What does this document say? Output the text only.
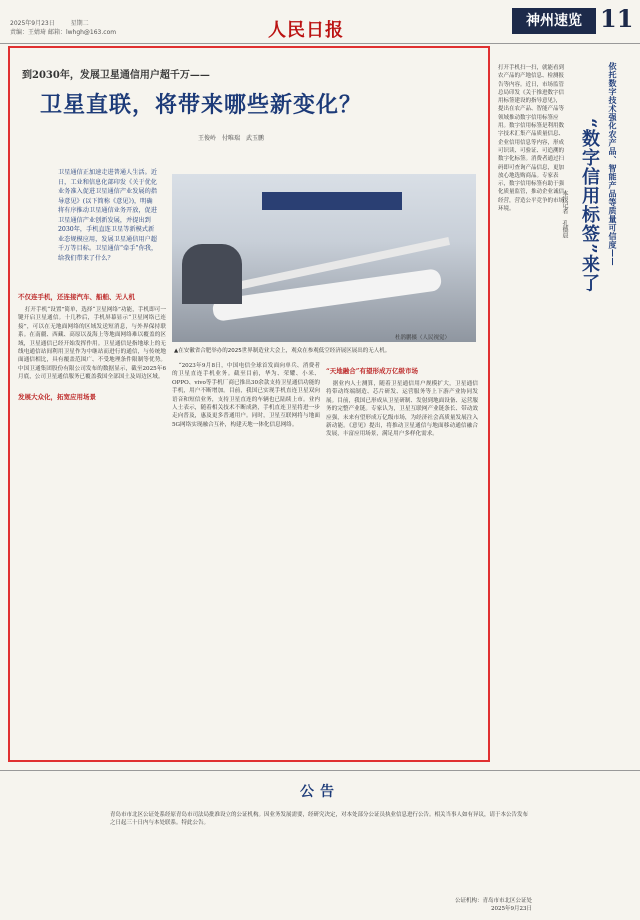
2025年9月23日	星期二
责编：王婧琦 邮箱：lwhgh@163.com	人民日报	神州速览 11
到2030年，发展卫星通信用户超千万——
卫星直联，将带来哪些新变化？
王俊岭　付唯瑞　武玉鹏
卫星通信正加速走进普通人生活。近日，工业和信息化部印发《关于优化业务准入促进卫星通信产业发展的指导意见》(以下简称《意见》)，明确将有序推动卫星通信业务开放，促进卫星通信产业创新发展，并提出到2030年，手机直连卫星等新模式新业态规模应用，发展卫星通信用户超千万等目标。卫星通信“牵手”你我，给我们带来了什么？
杜鹃鹏摄（人民视觉）
▲在安徽省合肥举办的2025世界制造业大会上，观众在参观低空经济展区展出的无人机。
不仅连手机，还连接汽车、船舶、无人机

打开手机“设置”简单，选择“卫星网络”功能，手机即可一键开启卫星通信。十几秒后，手机屏幕显示“卫星网络已连接”，可以在无地面网络的区域发送短消息，与外界保持联系。在南疆、西藏、高原以及海上等地面网络难以覆盖的区域，卫星通信已经开始发挥作用。卫星通信是指地球上的无线电通信站间利用卫星作为中继站而进行的通信，与传统地面通信相比，具有覆盖范围广、不受地理条件限制等优势。中国卫通集团股份有限公司发布的数据显示，截至2025年6月底，公司卫星通信服务已覆盖我国全部国土及周边区域。

发展大众化，拓宽应用场景

“2023年9月8日，中国电信全球首发面向单兵、消费者的卫星直连手机业务。截至目前，华为、荣耀、小米、OPPO、vivo等手机厂商已推出30余款支持卫星通信功能的手机，用户不断增加。目前，我国已实现手机直连卫星双向语音和短信业务，支持卫星直连的车辆也已陆续上市。业内人士表示，随着相关技术不断成熟，手机直连卫星将进一步走向普及，惠及更多普通用户。同时，卫星互联网将与地面5G网络实现融合互补，构建天地一体化信息网络。

“天地融合”有望形成万亿级市场

据业内人士测算，随着卫星通信用户规模扩大，卫星通信将带动终端制造、芯片研发、运营服务等上下游产业协同发展。目前，我国已形成从卫星研制、发射到地面设备、运营服务的完整产业链。专家认为，卫星互联网产业链条长、带动效应强，未来有望形成万亿级市场，为经济社会高质量发展注入新动能。《意见》提出，将推动卫星通信与地面移动通信融合发展，丰富应用场景，满足用户多样化需求。

打开手机扫一扫，就能看到农产品的产地信息、检测报告等内容。近日，市场监管总局印发《关于推进数字信用标签建设的指导意见》，提出在农产品、智能产品等领域推动数字信用标签应用。数字信用标签是利用数字技术汇集产品质量信息、企业信用信息等内容，形成可识读、可验证、可追溯的数字化标签。消费者通过扫码即可查询产品信息，更加放心地选购商品。专家表示，数字信用标签有助于强化质量监管，推动企业诚信经营，营造公平竞争的市场环境。	依托数字技术强化农产品、智能产品等质量可信度——
“数字信用标签”来了
本报记者　孔德晨
公告
青岛市市北区公证处系经原青岛市司法局批准设立的公证机构。因业务发展需要，经研究决定，对本处部分公证员执业信息进行公告。相关当事人如有异议，请于本公告发布之日起三十日内与本处联系。特此公告。
公证机构：青岛市市北区公证处
2025年9月23日
